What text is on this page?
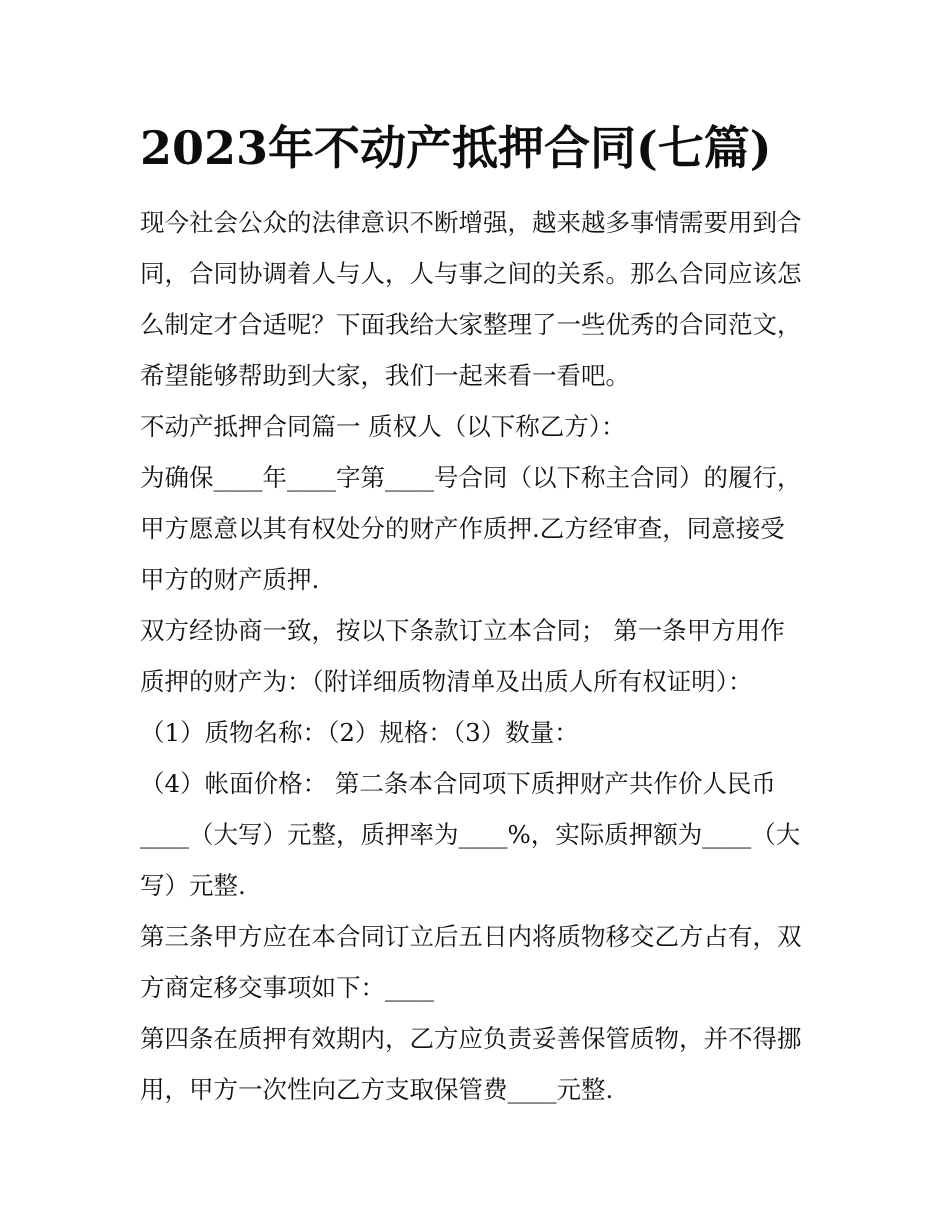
2023年不动产抵押合同(七篇)

现今社会公众的法律意识不断增强，越来越多事情需要用到合

同，合同协调着人与人，人与事之间的关系。那么合同应该怎

么制定才合适呢？下面我给大家整理了一些优秀的合同范文，

希望能够帮助到大家，我们一起来看一看吧。

不动产抵押合同篇一 质权人（以下称乙方）：

为确保____年____字第____号合同（以下称主合同）的履行，

甲方愿意以其有权处分的财产作质押.乙方经审查，同意接受

甲方的财产质押.

双方经协商一致，按以下条款订立本合同； 第一条甲方用作

质押的财产为：（附详细质物清单及出质人所有权证明）：

（1）质物名称：（2）规格：（3）数量：

（4）帐面价格： 第二条本合同项下质押财产共作价人民币

____（大写）元整，质押率为____%，实际质押额为____（大

写）元整.

第三条甲方应在本合同订立后五日内将质物移交乙方占有，双

方商定移交事项如下：____

第四条在质押有效期内，乙方应负责妥善保管质物，并不得挪

用，甲方一次性向乙方支取保管费____元整.
